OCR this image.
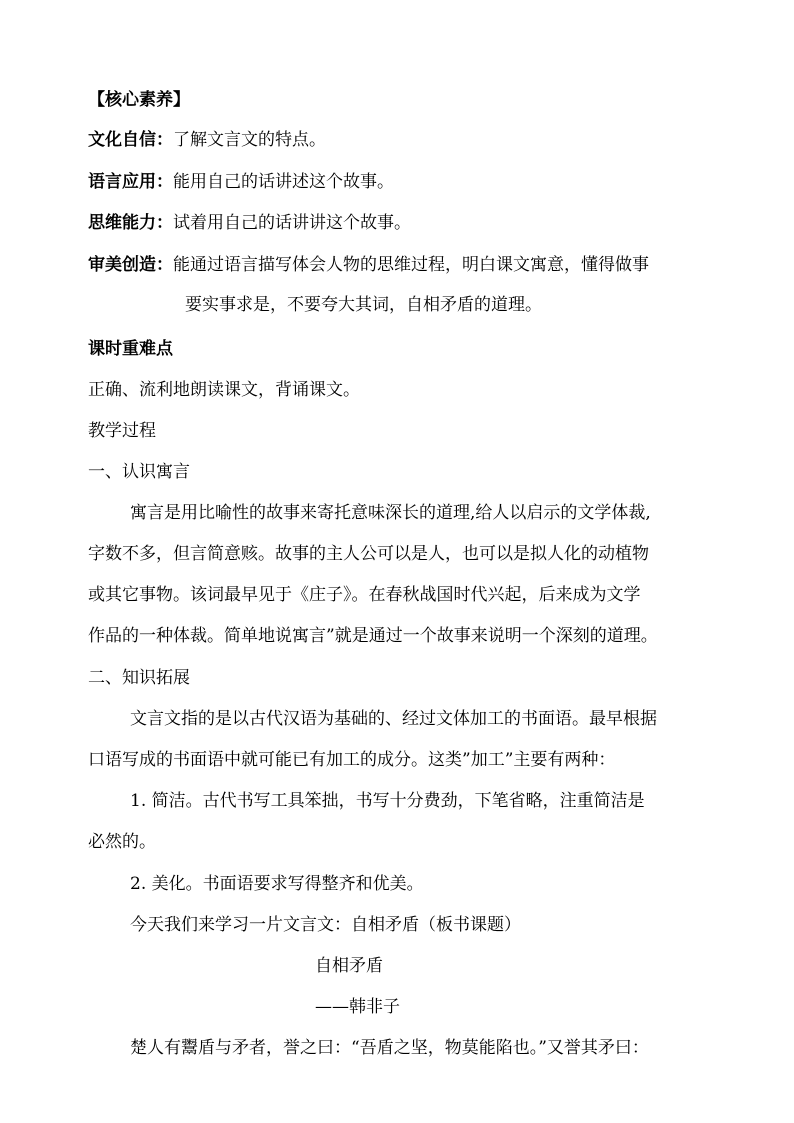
【核心素养】
文化自信：了解文言文的特点。
语言应用：能用自己的话讲述这个故事。
思维能力：试着用自己的话讲讲这个故事。
审美创造：能通过语言描写体会人物的思维过程，明白课文寓意，懂得做事
要实事求是，不要夸大其词，自相矛盾的道理。
课时重难点
正确、流利地朗读课文，背诵课文。
教学过程
一、认识寓言
寓言是用比喻性的故事来寄托意味深长的道理,给人以启示的文学体裁,
字数不多，但言简意赅。故事的主人公可以是人，也可以是拟人化的动植物
或其它事物。该词最早见于《庄子》。在春秋战国时代兴起，后来成为文学
作品的一种体裁。简单地说寓言”就是通过一个故事来说明一个深刻的道理。
二、知识拓展
文言文指的是以古代汉语为基础的、经过文体加工的书面语。最早根据
口语写成的书面语中就可能已有加工的成分。这类”加工”主要有两种：
1. 简洁。古代书写工具笨拙，书写十分费劲，下笔省略，注重简洁是
必然的。
2. 美化。书面语要求写得整齐和优美。
今天我们来学习一片文言文：自相矛盾（板书课题）
自相矛盾
——韩非子
楚人有鬻盾与矛者，誉之曰：“吾盾之坚，物莫能陷也。”又誉其矛曰：
